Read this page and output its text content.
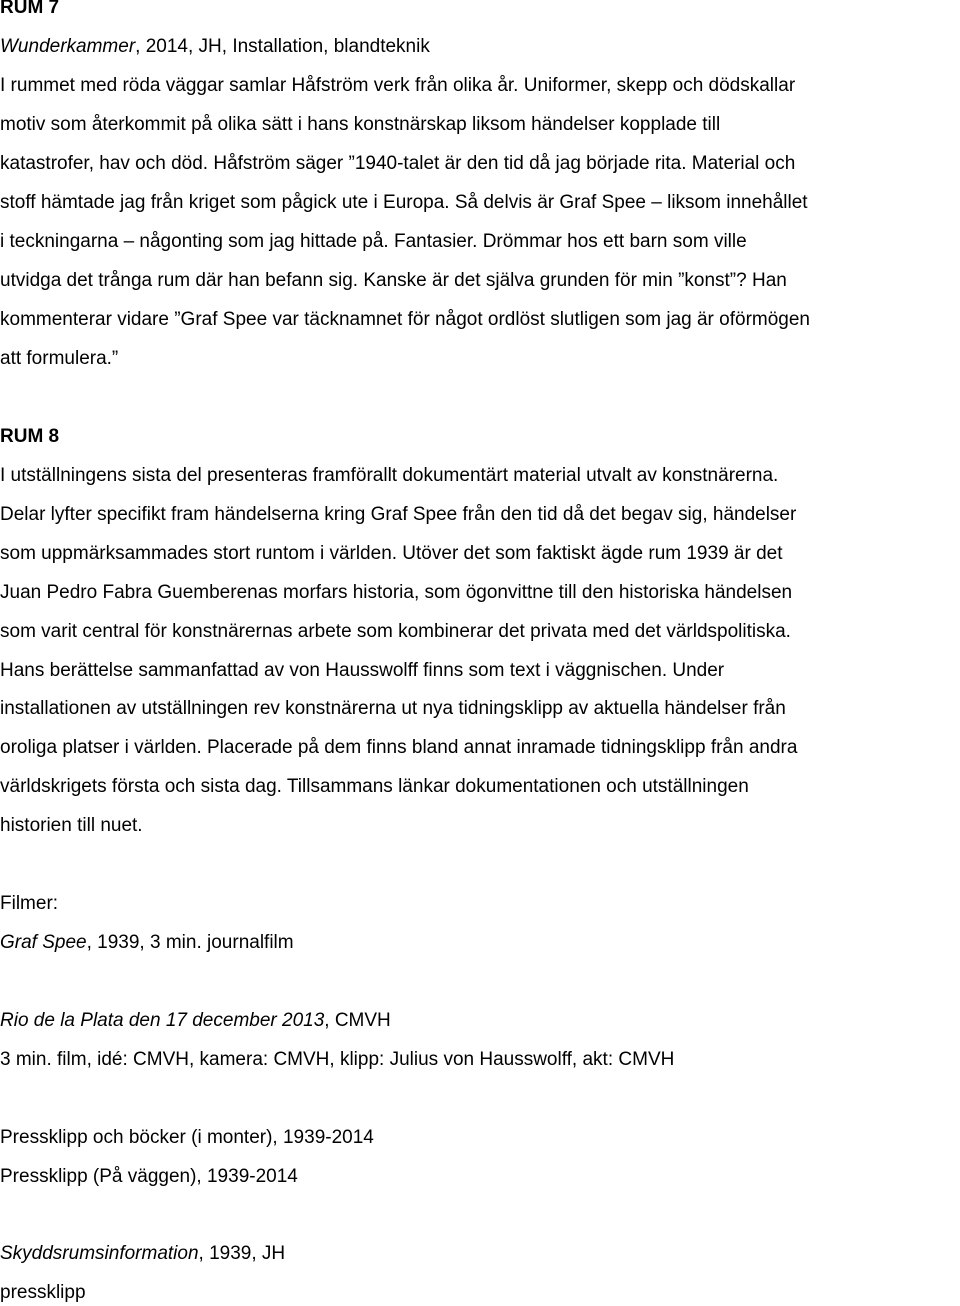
RUM 7
Wunderkammer, 2014, JH, Installation, blandteknik
I rummet med röda väggar samlar Håfström verk från olika år. Uniformer, skepp och dödskallar
motiv som återkommit på olika sätt i hans konstnärskap liksom händelser kopplade till
katastrofer, hav och död. Håfström säger ”1940-talet är den tid då jag började rita. Material och
stoff hämtade jag från kriget som pågick ute i Europa. Så delvis är Graf Spee – liksom innehållet
i teckningarna – någonting som jag hittade på. Fantasier. Drömmar hos ett barn som ville
utvidga det trånga rum där han befann sig. Kanske är det själva grunden för min ”konst”? Han
kommenterar vidare ”Graf Spee var täcknamnet för något ordlöst slutligen som jag är oförmögen
att formulera.”
RUM 8
I utställningens sista del presenteras framförallt dokumentärt material utvalt av konstnärerna.
Delar lyfter specifikt fram händelserna kring Graf Spee från den tid då det begav sig, händelser
som uppmärksammades stort runtom i världen. Utöver det som faktiskt ägde rum 1939 är det
Juan Pedro Fabra Guemberenas morfars historia, som ögonvittne till den historiska händelsen
som varit central för konstnärernas arbete som kombinerar det privata med det världspolitiska.
Hans berättelse sammanfattad av von Hausswolff finns som text i väggnischen. Under
installationen av utställningen rev konstnärerna ut nya tidningsklipp av aktuella händelser från
oroliga platser i världen. Placerade på dem finns bland annat inramade tidningsklipp från andra
världskrigets första och sista dag. Tillsammans länkar dokumentationen och utställningen
historien till nuet.
Filmer:
Graf Spee, 1939, 3 min. journalfilm
Rio de la Plata den 17 december 2013, CMVH
3 min. film, idé: CMVH, kamera: CMVH, klipp: Julius von Hausswolff, akt: CMVH
Pressklipp och böcker (i monter), 1939-2014
Pressklipp (På väggen), 1939-2014
Skyddsrumsinformation, 1939, JH
pressklipp
